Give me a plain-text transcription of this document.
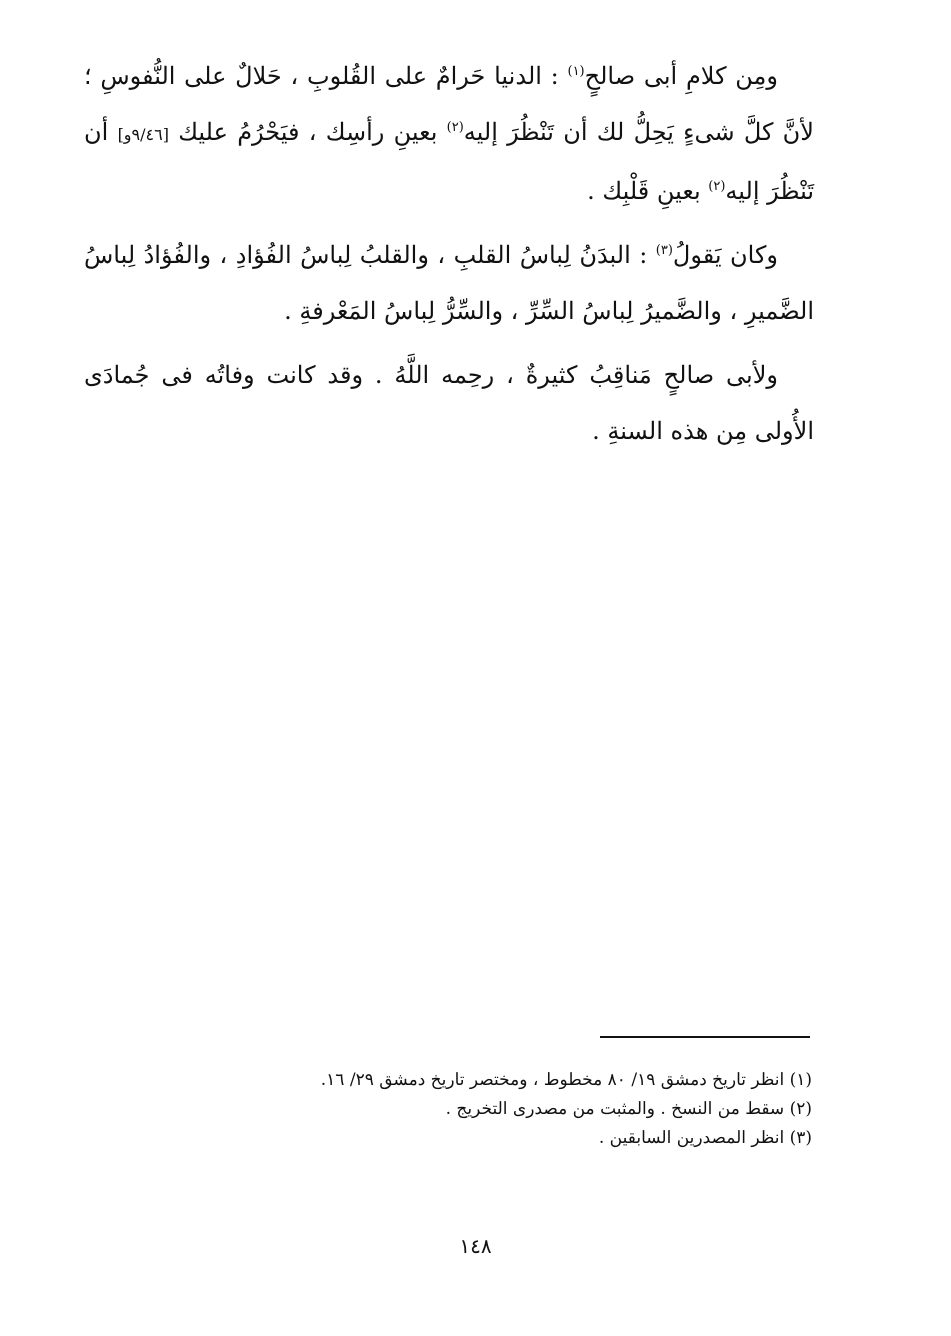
ومِن كلامِ أبى صالحٍ$^{(١)}$ : الدنيا حَرامٌ على القُلوبِ ، حَلالٌ على النُّفوسِ ؛ لأنَّ كلَّ شىءٍ يَحِلُّ لك أن تَنْظُرَ إليه$^{(٢)}$ بعينِ رأسِك ، فيَحْرُمُ عليك [٩/٤٦و] أن تَنْظُرَ إليه$^{(٢)}$ بعينِ قَلْبِك .

وكان يَقولُ$^{(٣)}$ : البدَنُ لِباسُ القلبِ ، والقلبُ لِباسُ الفُؤادِ ، والفُؤادُ لِباسُ الضَّميرِ ، والضَّميرُ لِباسُ السِّرِّ ، والسِّرُّ لِباسُ المَعْرفةِ .

ولأبى صالحٍ مَناقِبُ كثيرةٌ ، رحِمه اللَّهُ . وقد كانت وفاتُه فى جُمادَى الأُولى مِن هذه السنةِ .

(١) انظر تاريخ دمشق ١٩/ ٨٠ مخطوط ، ومختصر تاريخ دمشق ٢٩/ ١٦.

(٢) سقط من النسخ . والمثبت من مصدرى التخريج .

(٣) انظر المصدرين السابقين .

١٤٨
